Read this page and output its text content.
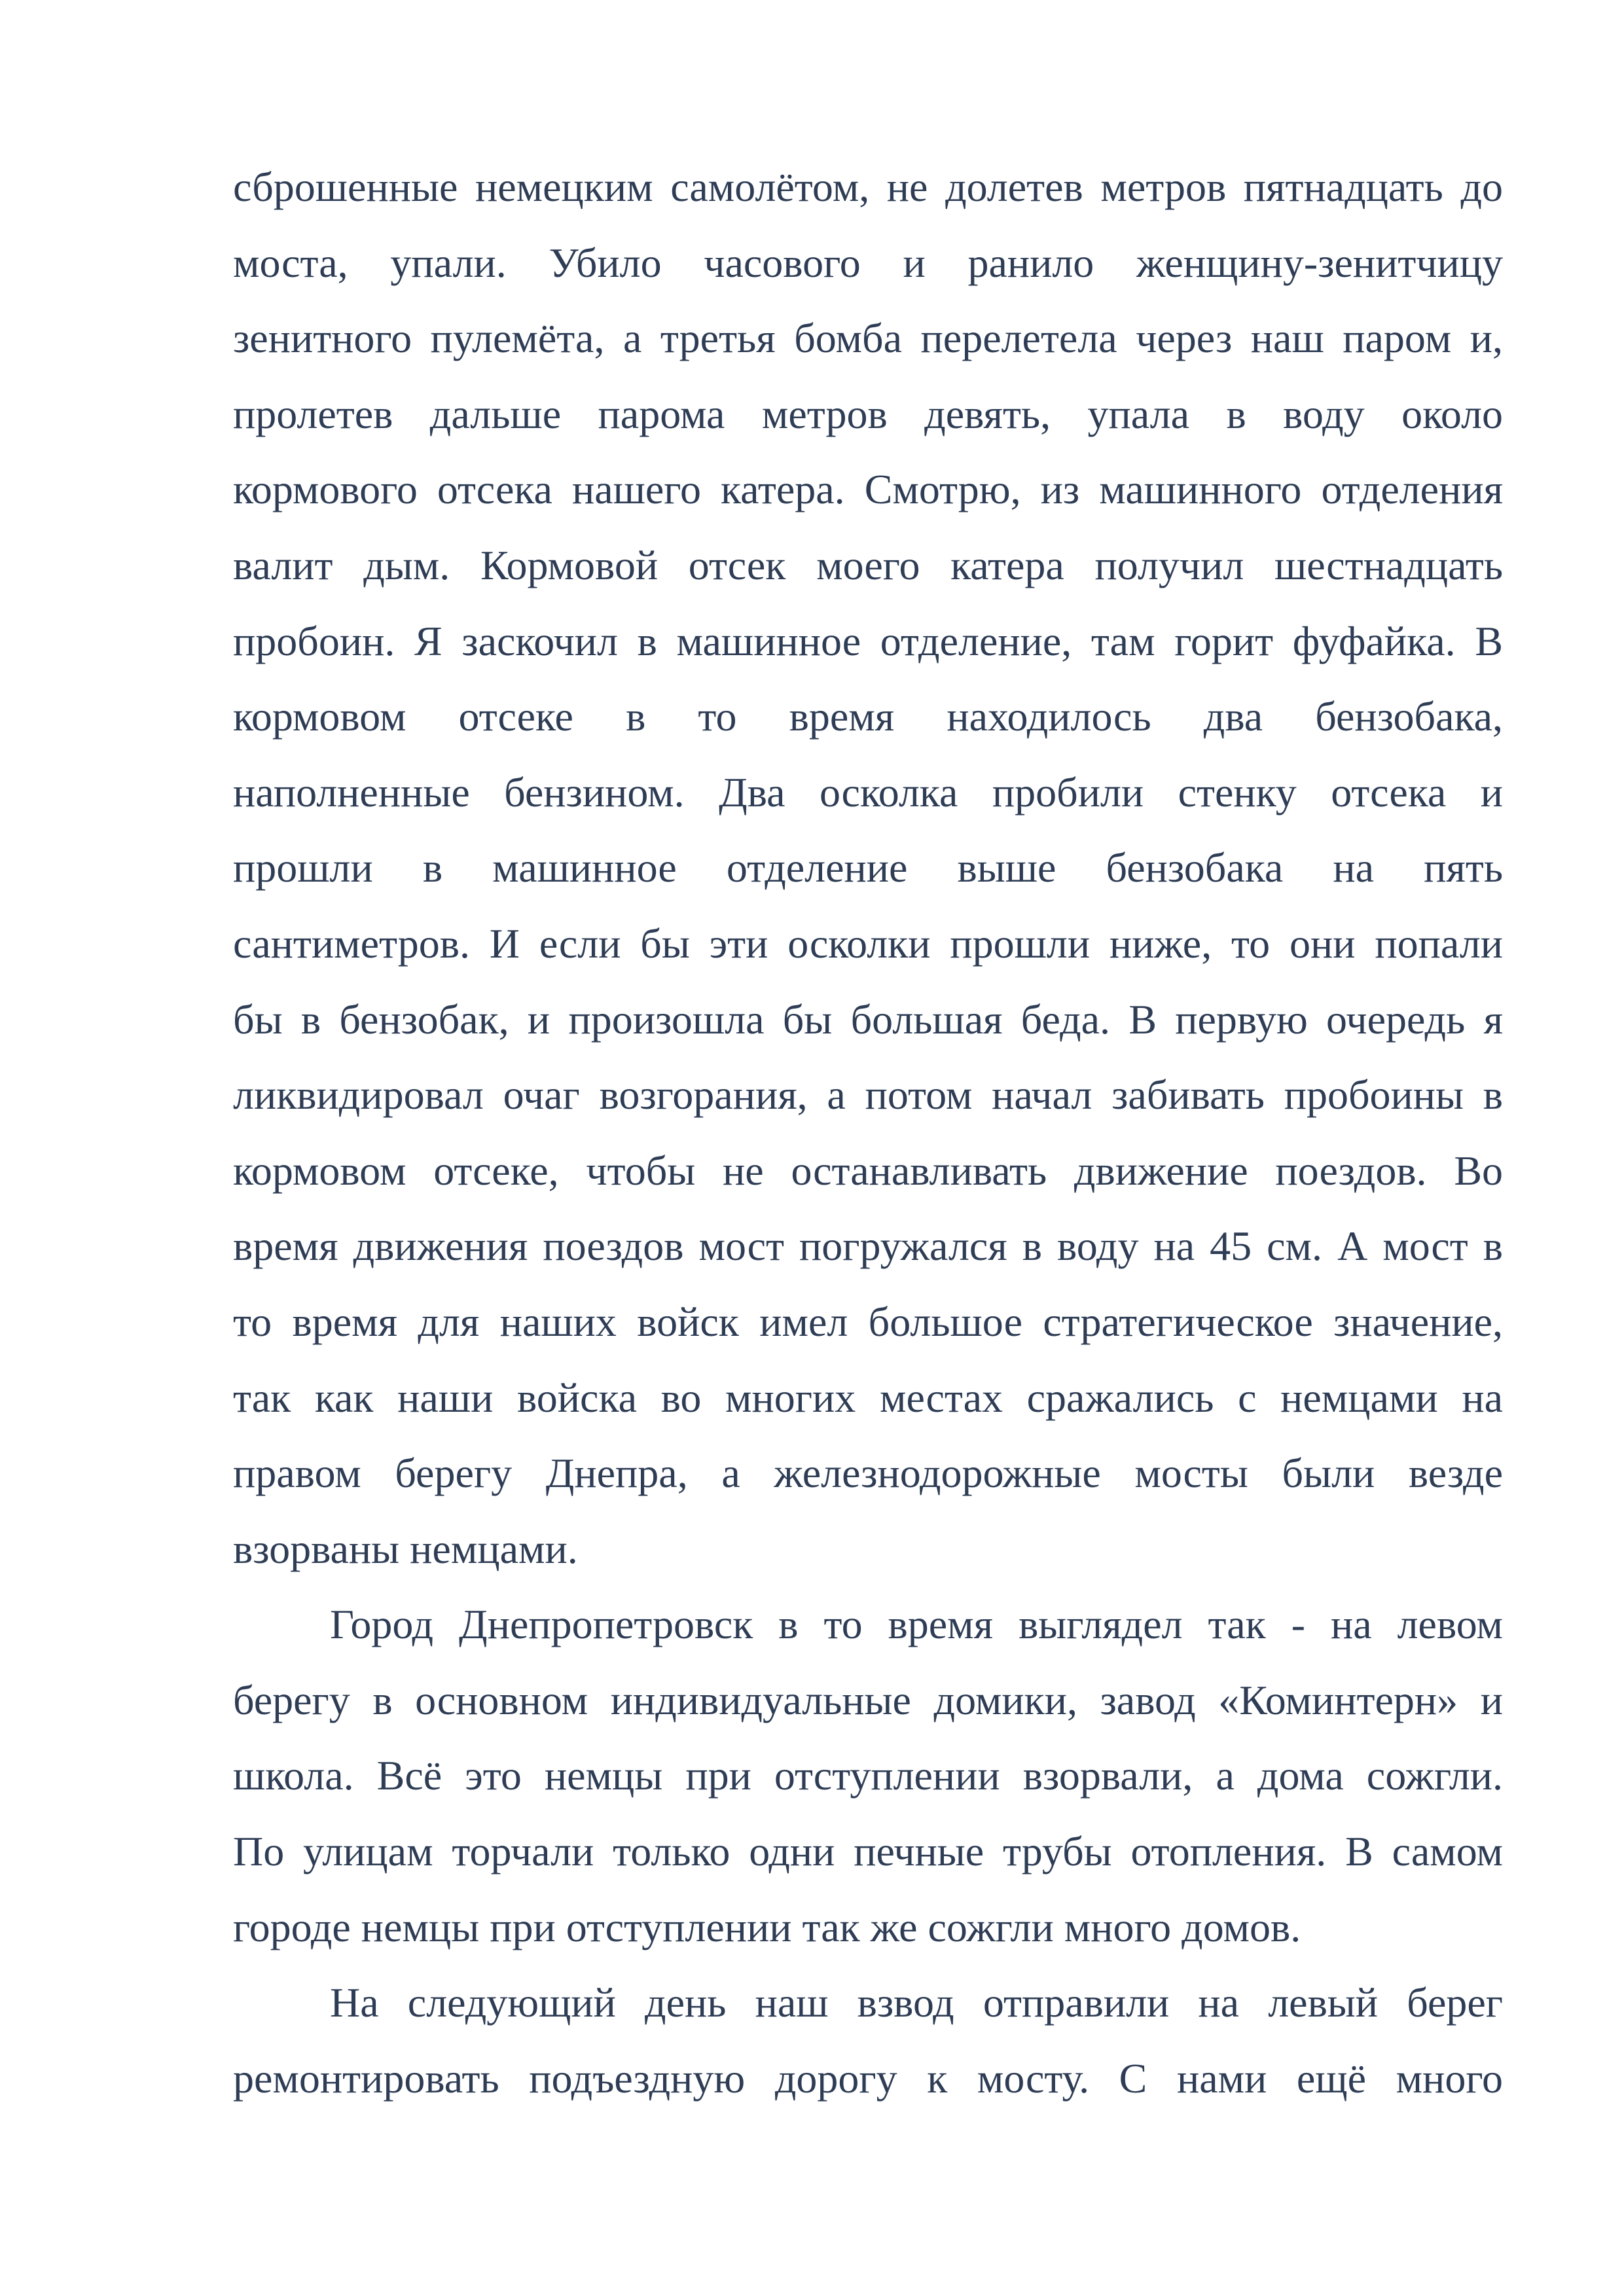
сброшенные немецким самолётом, не долетев метров пятнадцать до
моста, упали. Убило часового и ранило женщину-зенитчицу
зенитного пулемёта, а третья бомба перелетела через наш паром и,
пролетев дальше парома метров девять, упала в воду около
кормового отсека нашего катера. Смотрю, из машинного отделения
валит дым. Кормовой отсек моего катера получил шестнадцать
пробоин. Я заскочил в машинное отделение, там горит фуфайка. В
кормовом отсеке в то время находилось два бензобака,
наполненные бензином. Два осколка пробили стенку отсека и
прошли в машинное отделение выше бензобака на пять
сантиметров. И если бы эти осколки прошли ниже, то они попали
бы в бензобак, и произошла бы большая беда. В первую очередь я
ликвидировал очаг возгорания, а потом начал забивать пробоины в
кормовом отсеке, чтобы не останавливать движение поездов. Во
время движения поездов мост погружался в воду на 45 см. А мост в
то время для наших войск имел большое стратегическое значение,
так как наши войска во многих местах сражались с немцами на
правом берегу Днепра, а железнодорожные мосты были везде
взорваны немцами.
Город Днепропетровск в то время выглядел так - на левом
берегу в основном индивидуальные домики, завод «Коминтерн» и
школа. Всё это немцы при отступлении взорвали, а дома сожгли.
По улицам торчали только одни печные трубы отопления. В самом
городе немцы при отступлении так же сожгли много домов.
На следующий день наш взвод отправили на левый берег
ремонтировать подъездную дорогу к мосту. С нами ещё много
